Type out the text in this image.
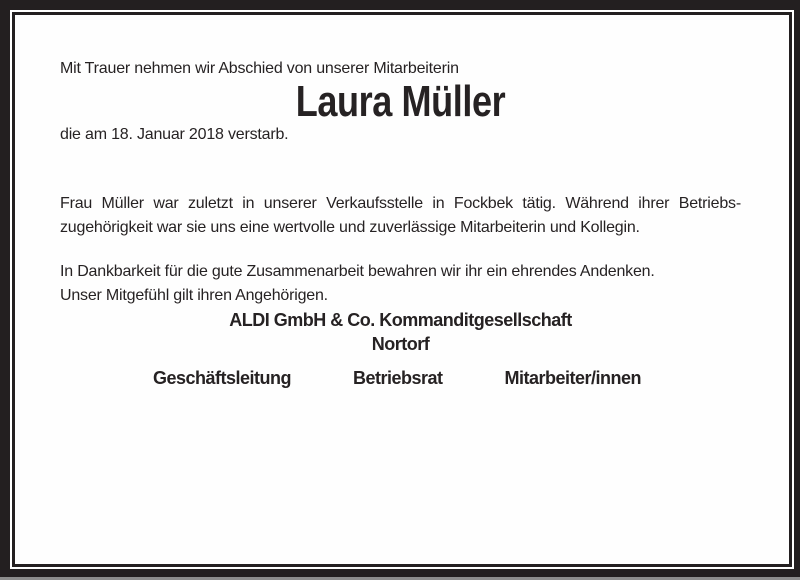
Mit Trauer nehmen wir Abschied von unserer Mitarbeiterin

Laura Müller

die am 18. Januar 2018 verstarb.

Frau Müller war zuletzt in unserer Verkaufsstelle in Fockbek tätig. Während ihrer Betriebs-

zugehörigkeit war sie uns eine wertvolle und zuverlässige Mitarbeiterin und Kollegin.

In Dankbarkeit für die gute Zusammenarbeit bewahren wir ihr ein ehrendes Andenken.

Unser Mitgefühl gilt ihren Angehörigen.

ALDI GmbH & Co. Kommanditgesellschaft

Nortorf

Geschäftsleitung	Betriebsrat	Mitarbeiter/innen
